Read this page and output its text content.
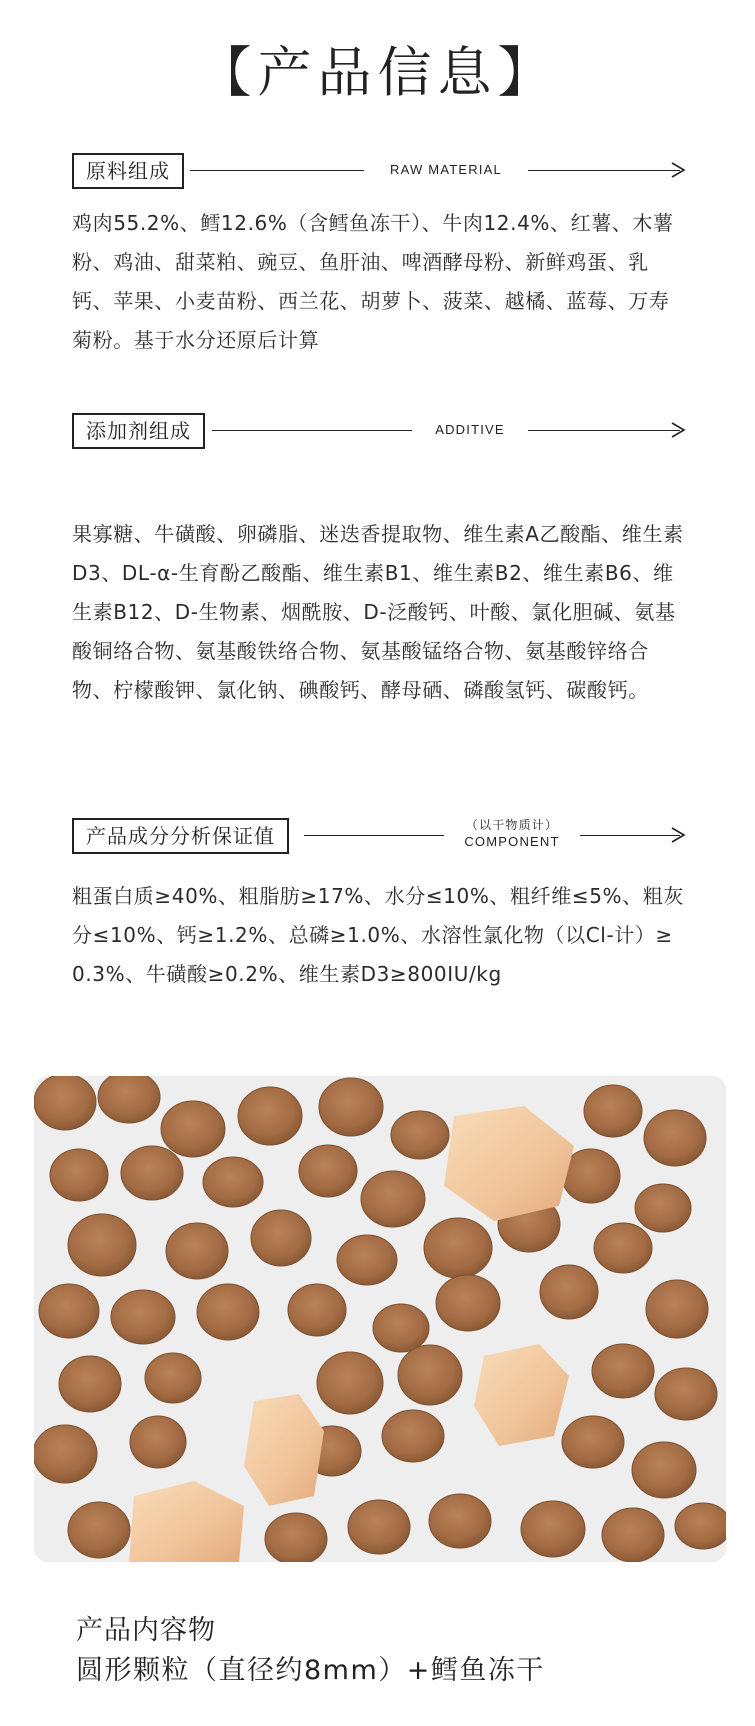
【产品信息】
原料组成	RAW MATERIAL
鸡肉55.2%、鳕12.6%（含鳕鱼冻干）、牛肉12.4%、红薯、木薯粉、鸡油、甜菜粕、豌豆、鱼肝油、啤酒酵母粉、新鲜鸡蛋、乳钙、苹果、小麦苗粉、西兰花、胡萝卜、菠菜、越橘、蓝莓、万寿菊粉。基于水分还原后计算
添加剂组成	ADDITIVE
果寡糖、牛磺酸、卵磷脂、迷迭香提取物、维生素A乙酸酯、维生素D3、DL-α-生育酚乙酸酯、维生素B1、维生素B2、维生素B6、维生素B12、D-生物素、烟酰胺、D-泛酸钙、叶酸、氯化胆碱、氨基酸铜络合物、氨基酸铁络合物、氨基酸锰络合物、氨基酸锌络合物、柠檬酸钾、氯化钠、碘酸钙、酵母硒、磷酸氢钙、碳酸钙。
产品成分分析保证值	（以干物质计）
COMPONENT
粗蛋白质≥40%、粗脂肪≥17%、水分≤10%、粗纤维≤5%、粗灰分≤10%、钙≥1.2%、总磷≥1.0%、水溶性氯化物（以Cl-计）≥0.3%、牛磺酸≥0.2%、维生素D3≥800IU/kg
产品内容物
圆形颗粒（直径约8mm）+鳕鱼冻干
